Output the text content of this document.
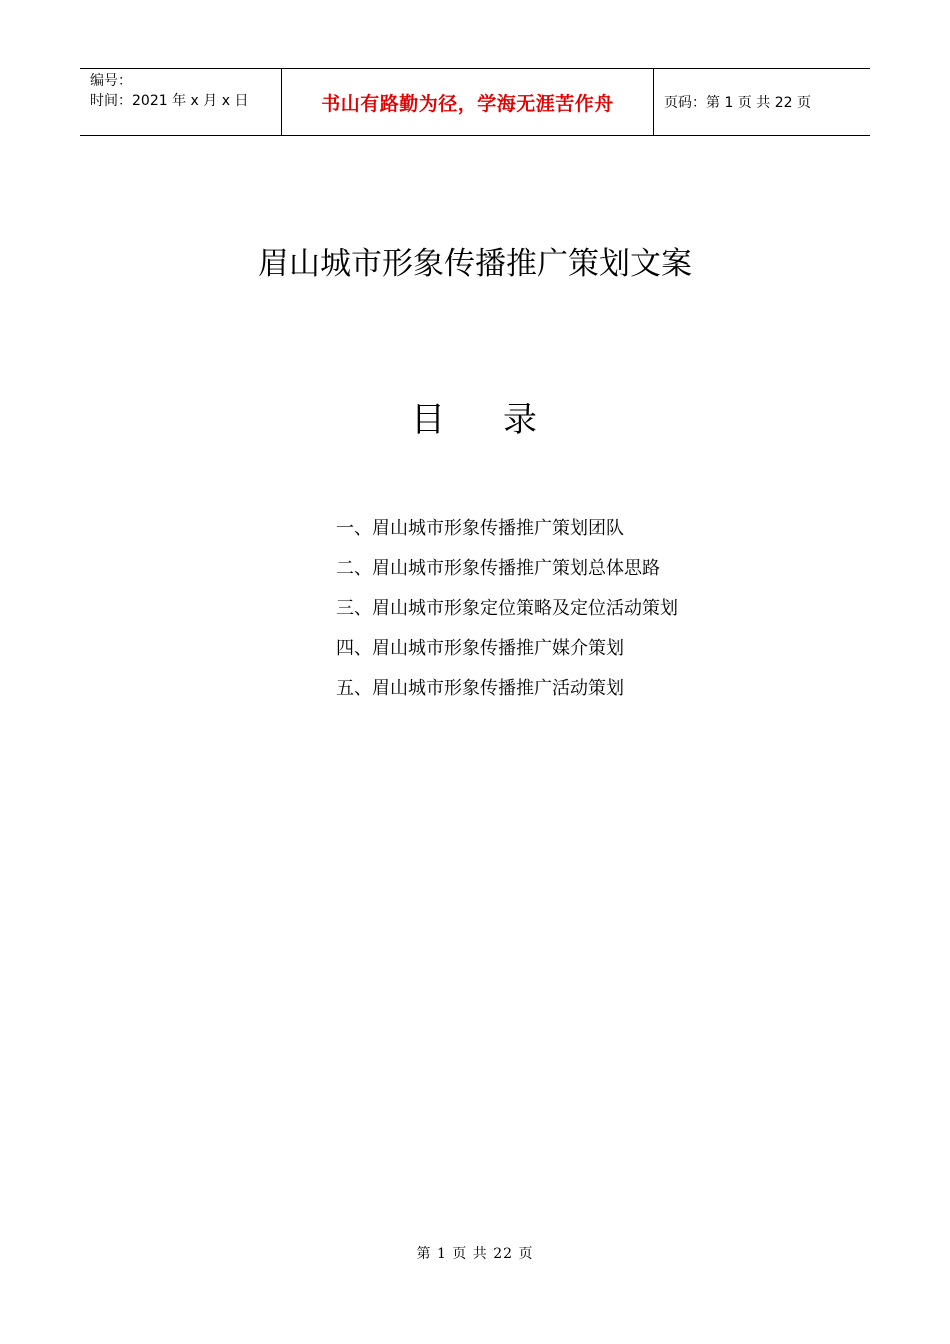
编号：
时间：2021 年 x 月 x 日	书山有路勤为径，学海无涯苦作舟	页码：第 1 页 共 22 页
眉山城市形象传播推广策划文案
目 录
一、眉山城市形象传播推广策划团队
二、眉山城市形象传播推广策划总体思路
三、眉山城市形象定位策略及定位活动策划
四、眉山城市形象传播推广媒介策划
五、眉山城市形象传播推广活动策划
第 1 页 共 22 页
